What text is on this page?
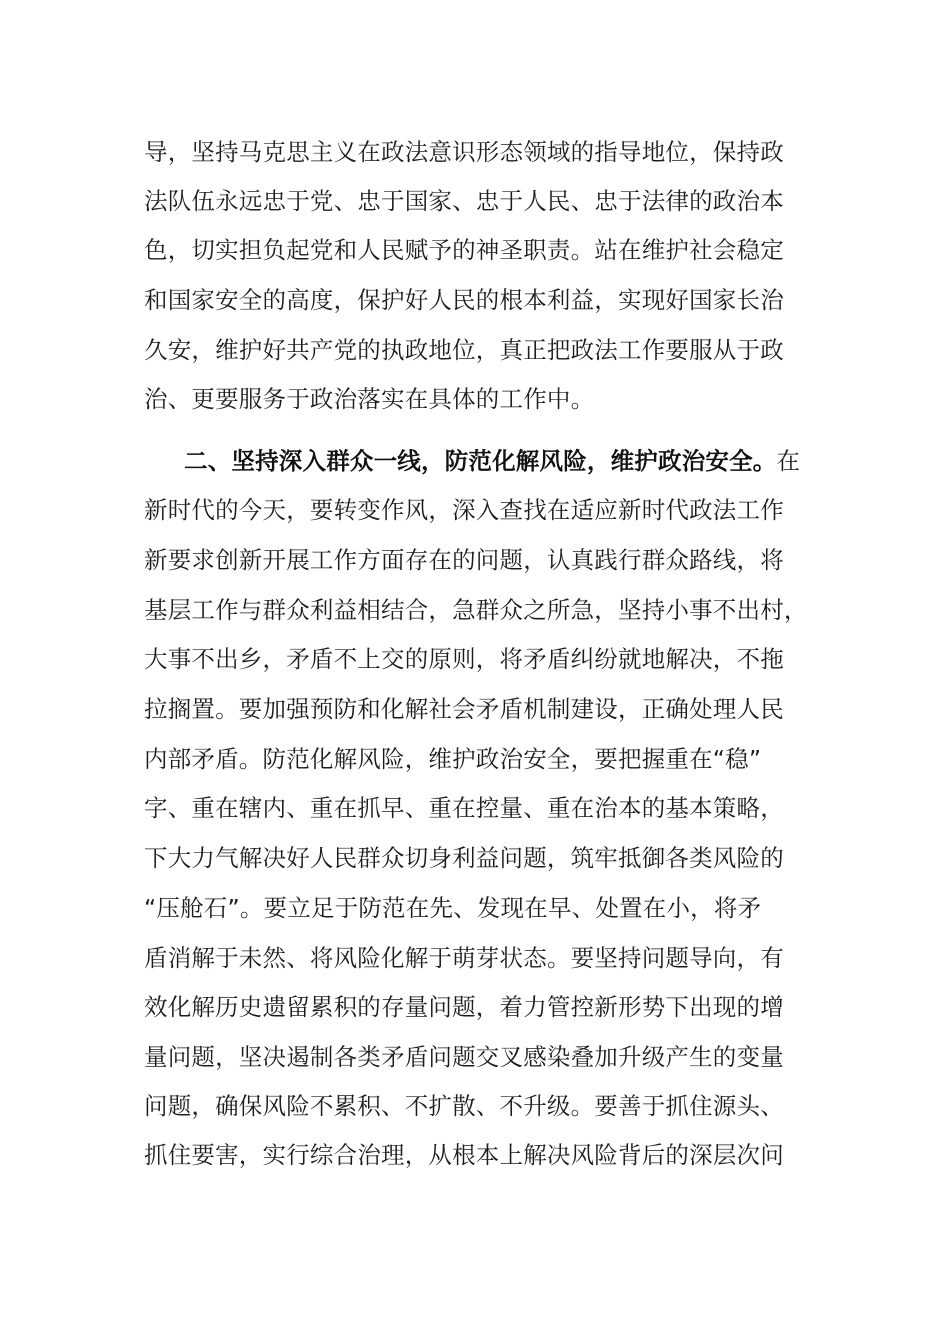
导，坚持马克思主义在政法意识形态领域的指导地位，保持政
法队伍永远忠于党、忠于国家、忠于人民、忠于法律的政治本
色，切实担负起党和人民赋予的神圣职责。站在维护社会稳定
和国家安全的高度，保护好人民的根本利益，实现好国家长治
久安，维护好共产党的执政地位，真正把政法工作要服从于政
治、更要服务于政治落实在具体的工作中。
二、坚持深入群众一线，防范化解风险，维护政治安全。在
新时代的今天，要转变作风，深入查找在适应新时代政法工作
新要求创新开展工作方面存在的问题，认真践行群众路线，将
基层工作与群众利益相结合，急群众之所急，坚持小事不出村，
大事不出乡，矛盾不上交的原则，将矛盾纠纷就地解决，不拖
拉搁置。要加强预防和化解社会矛盾机制建设，正确处理人民
内部矛盾。防范化解风险，维护政治安全，要把握重在“稳”
字、重在辖内、重在抓早、重在控量、重在治本的基本策略，
下大力气解决好人民群众切身利益问题，筑牢抵御各类风险的
“压舱石”。要立足于防范在先、发现在早、处置在小，将矛
盾消解于未然、将风险化解于萌芽状态。要坚持问题导向，有
效化解历史遗留累积的存量问题，着力管控新形势下出现的增
量问题，坚决遏制各类矛盾问题交叉感染叠加升级产生的变量
问题，确保风险不累积、不扩散、不升级。要善于抓住源头、
抓住要害，实行综合治理，从根本上解决风险背后的深层次问
